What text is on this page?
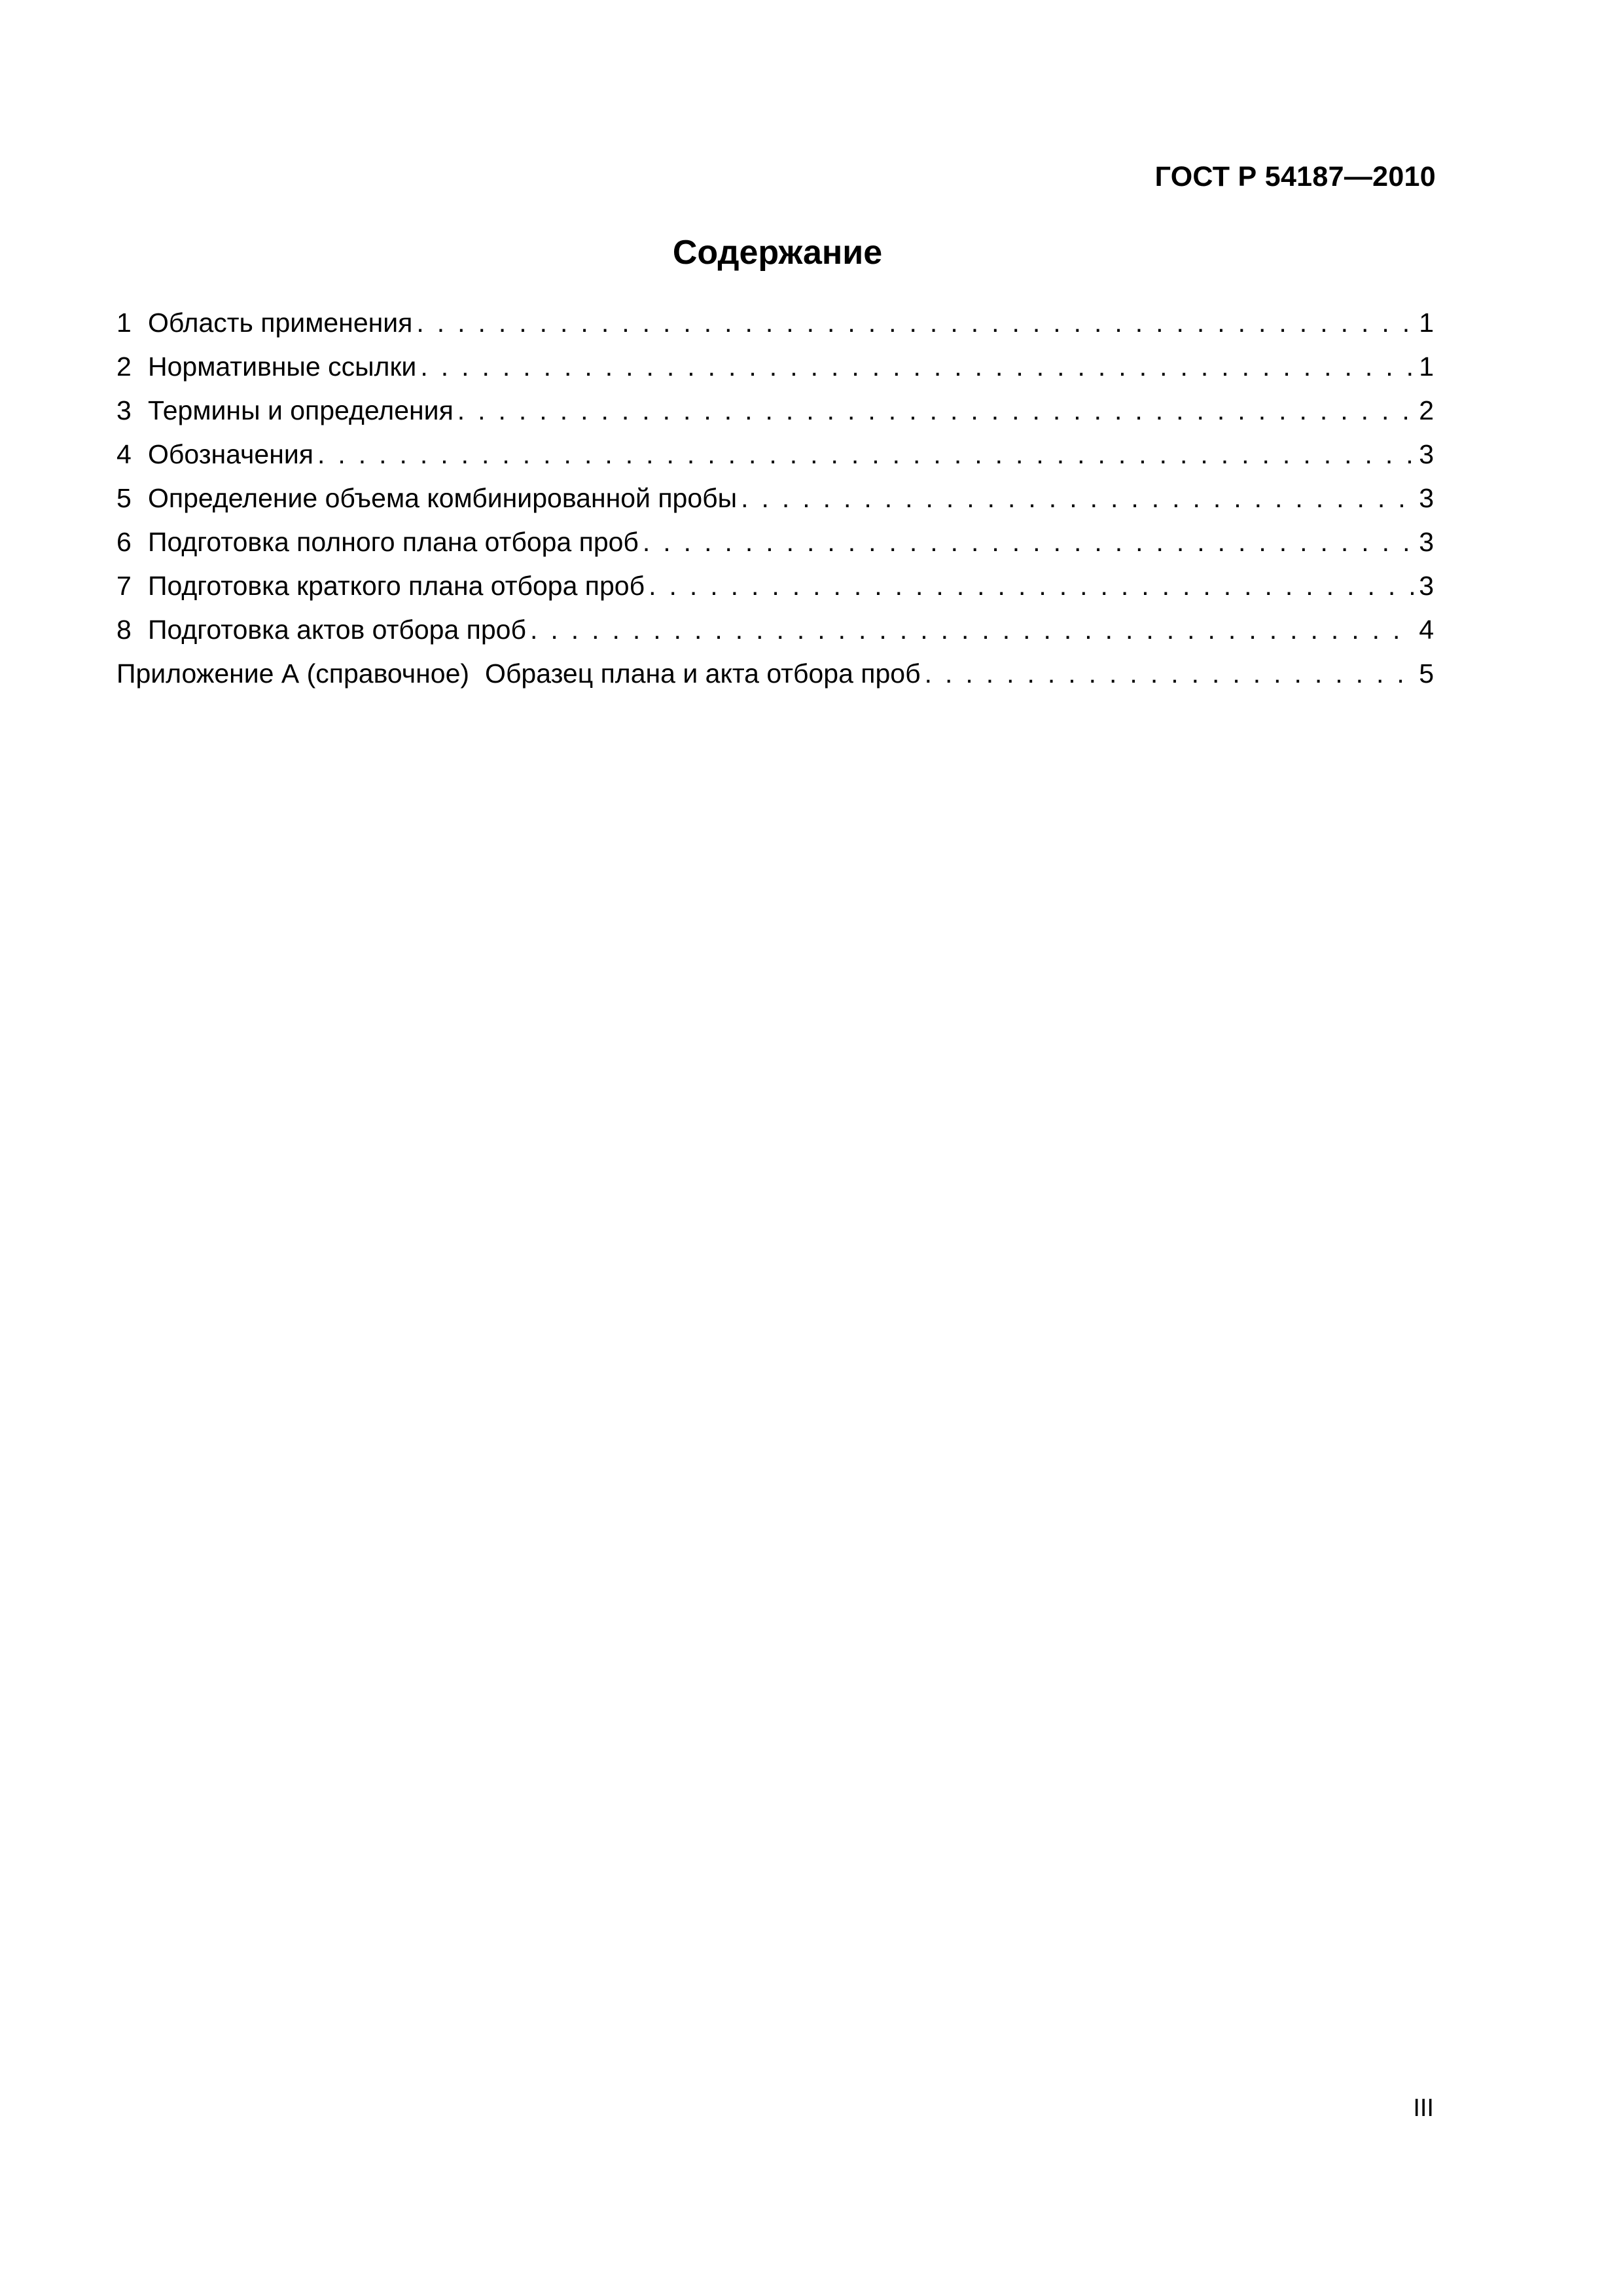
ГОСТ Р 54187—2010
Содержание
1 Область применения . . .	1
2 Нормативные ссылки . . .	1
3 Термины и определения . . .	2
4 Обозначения . . .	3
5 Определение объема комбинированной пробы . . .	3
6 Подготовка полного плана отбора проб . . .	3
7 Подготовка краткого плана отбора проб . . .	3
8 Подготовка актов отбора проб . . .	4
Приложение А (справочное) Образец плана и акта отбора проб . . .	5
III
